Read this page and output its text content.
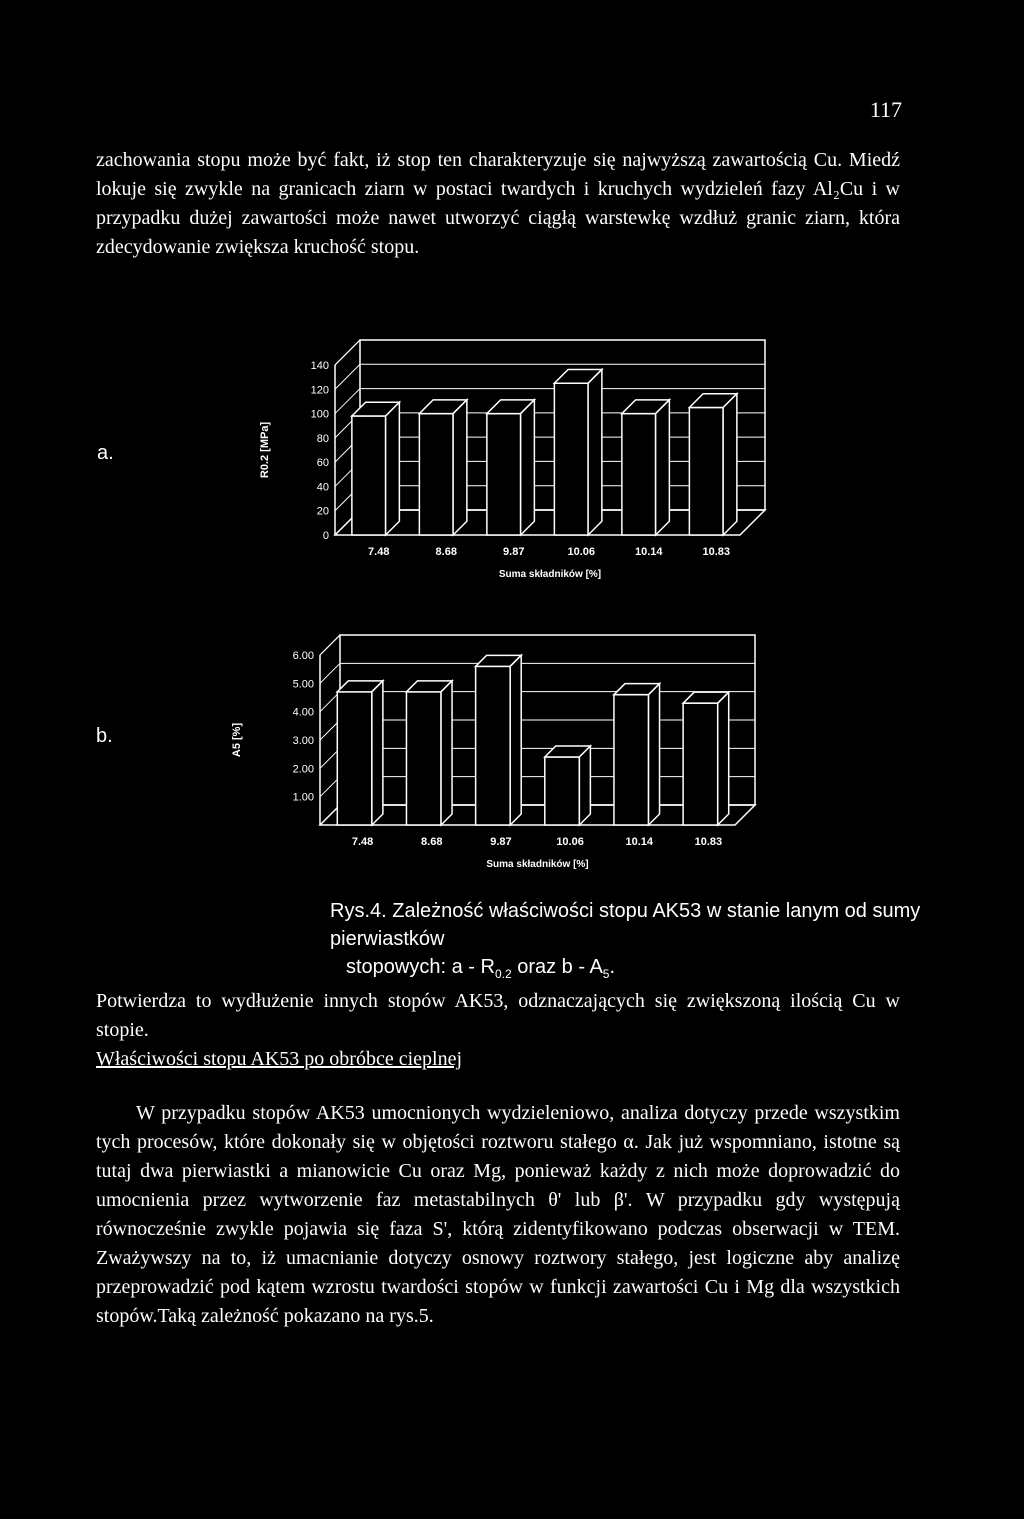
117

zachowania stopu może być fakt, iż stop ten charakteryzuje się najwyższą zawartością Cu. Miedź lokuje się zwykle na granicach ziarn w postaci twardych i kruchych wydzieleń fazy Al₂Cu i w przypadku dużej zawartości może nawet utworzyć ciągłą warstewkę wzdłuż granic ziarn, która zdecydowanie zwiększa kruchość stopu.

a.
0
20
40
60
80
100
120
140
7.48	8.68	9.87	10.06	10.14	10.83
Suma składników [%]
R0.2 [MPa]
b.
1.00
2.00
3.00
4.00
5.00
6.00
7.48	8.68	9.87	10.06	10.14	10.83
Suma składników [%]
A5 [%]
Rys.4. Zależność właściwości stopu AK53 w stanie lanym od sumy pierwiastków
stopowych: a - $R_{0.2}$ oraz b - $A_5$.

Potwierdza to wydłużenie innych stopów AK53, odznaczających się zwiększoną ilością Cu w stopie.

Właściwości stopu AK53 po obróbce cieplnej

W przypadku stopów AK53 umocnionych wydzieleniowo, analiza dotyczy przede wszystkim tych procesów, które dokonały się w objętości roztworu stałego α. Jak już wspomniano, istotne są tutaj dwa pierwiastki a mianowicie Cu oraz Mg, ponieważ każdy z nich może doprowadzić do umocnienia przez wytworzenie faz metastabilnych θ' lub β'. W przypadku gdy występują równocześnie zwykle pojawia się faza S', którą zidentyfikowano podczas obserwacji w TEM. Zważywszy na to, iż umacnianie dotyczy osnowy roztwory stałego, jest logiczne aby analizę przeprowadzić pod kątem wzrostu twardości stopów w funkcji zawartości Cu i Mg dla wszystkich stopów.Taką zależność pokazano na rys.5.
